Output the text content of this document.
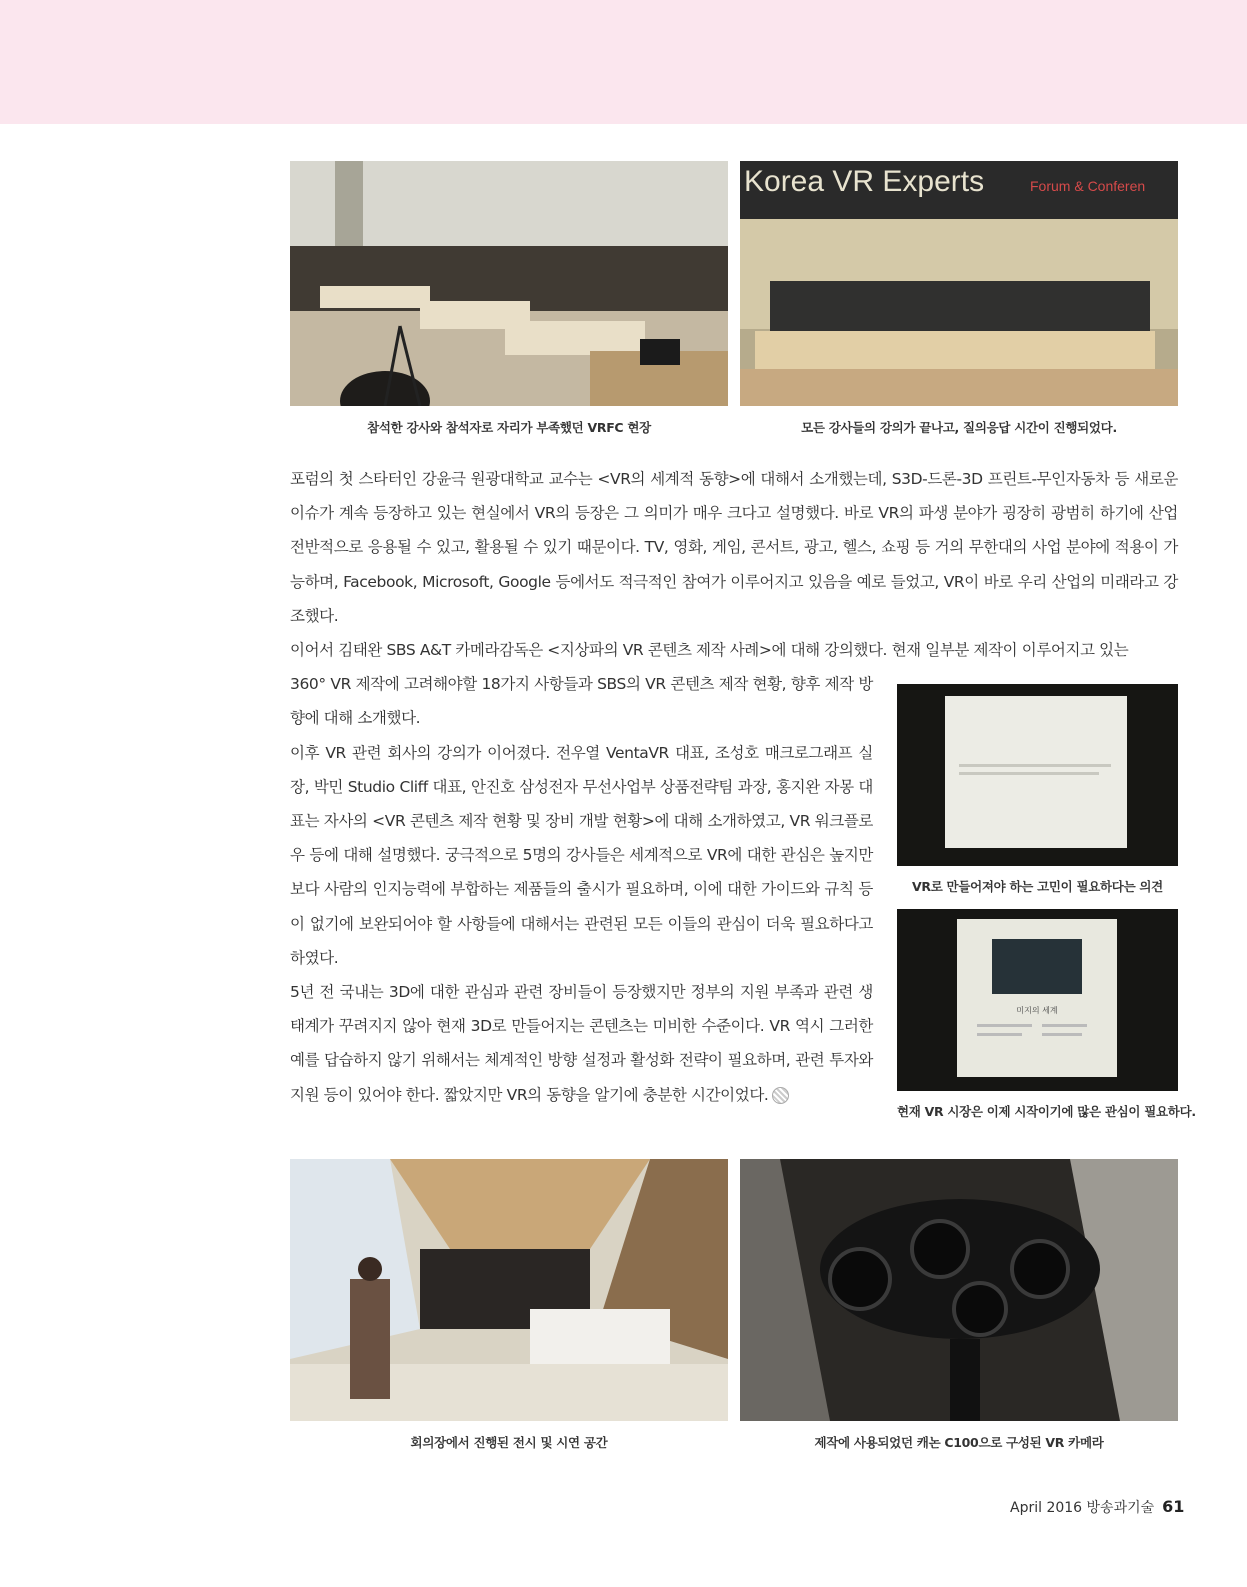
참석한 강사와 참석자로 자리가 부족했던 VRFC 현장
Korea VR Experts	Forum & Conferen
모든 강사들의 강의가 끝나고, 질의응답 시간이 진행되었다.

포럼의 첫 스타터인 강윤극 원광대학교 교수는 <VR의 세계적 동향>에 대해서 소개했는데, S3D-드론-3D 프린트-무인자동차 등 새로운 이슈가 계속 등장하고 있는 현실에서 VR의 등장은 그 의미가 매우 크다고 설명했다. 바로 VR의 파생 분야가 굉장히 광범히 하기에 산업 전반적으로 응용될 수 있고, 활용될 수 있기 때문이다. TV, 영화, 게임, 콘서트, 광고, 헬스, 쇼핑 등 거의 무한대의 사업 분야에 적용이 가능하며, Facebook, Microsoft, Google 등에서도 적극적인 참여가 이루어지고 있음을 예로 들었고, VR이 바로 우리 산업의 미래라고 강조했다.

이어서 김태완 SBS A&T 카메라감독은 <지상파의 VR 콘텐츠 제작 사례>에 대해 강의했다. 현재 일부분 제작이 이루어지고 있는

360° VR 제작에 고려해야할 18가지 사항들과 SBS의 VR 콘텐츠 제작 현황, 향후 제작 방향에 대해 소개했다.

이후 VR 관련 회사의 강의가 이어졌다. 전우열 VentaVR 대표, 조성호 매크로그래프 실장, 박민 Studio Cliff 대표, 안진호 삼성전자 무선사업부 상품전략팀 과장, 홍지완 자몽 대표는 자사의 <VR 콘텐츠 제작 현황 및 장비 개발 현황>에 대해 소개하였고, VR 워크플로우 등에 대해 설명했다. 궁극적으로 5명의 강사들은 세계적으로 VR에 대한 관심은 높지만 보다 사람의 인지능력에 부합하는 제품들의 출시가 필요하며, 이에 대한 가이드와 규칙 등이 없기에 보완되어야 할 사항들에 대해서는 관련된 모든 이들의 관심이 더욱 필요하다고 하였다.

5년 전 국내는 3D에 대한 관심과 관련 장비들이 등장했지만 정부의 지원 부족과 관련 생태계가 꾸려지지 않아 현재 3D로 만들어지는 콘텐츠는 미비한 수준이다. VR 역시 그러한 예를 답습하지 않기 위해서는 체계적인 방향 설정과 활성화 전략이 필요하며, 관련 투자와 지원 등이 있어야 한다. 짧았지만 VR의 동향을 알기에 충분한 시간이었다.

VR로 만들어져야 하는 고민이 필요하다는 의견
미지의 세계
현재 VR 시장은 이제 시작이기에 많은 관심이 필요하다.
회의장에서 진행된 전시 및 시연 공간	제작에 사용되었던 캐논 C100으로 구성된 VR 카메라
April 2016 방송과기술 61
